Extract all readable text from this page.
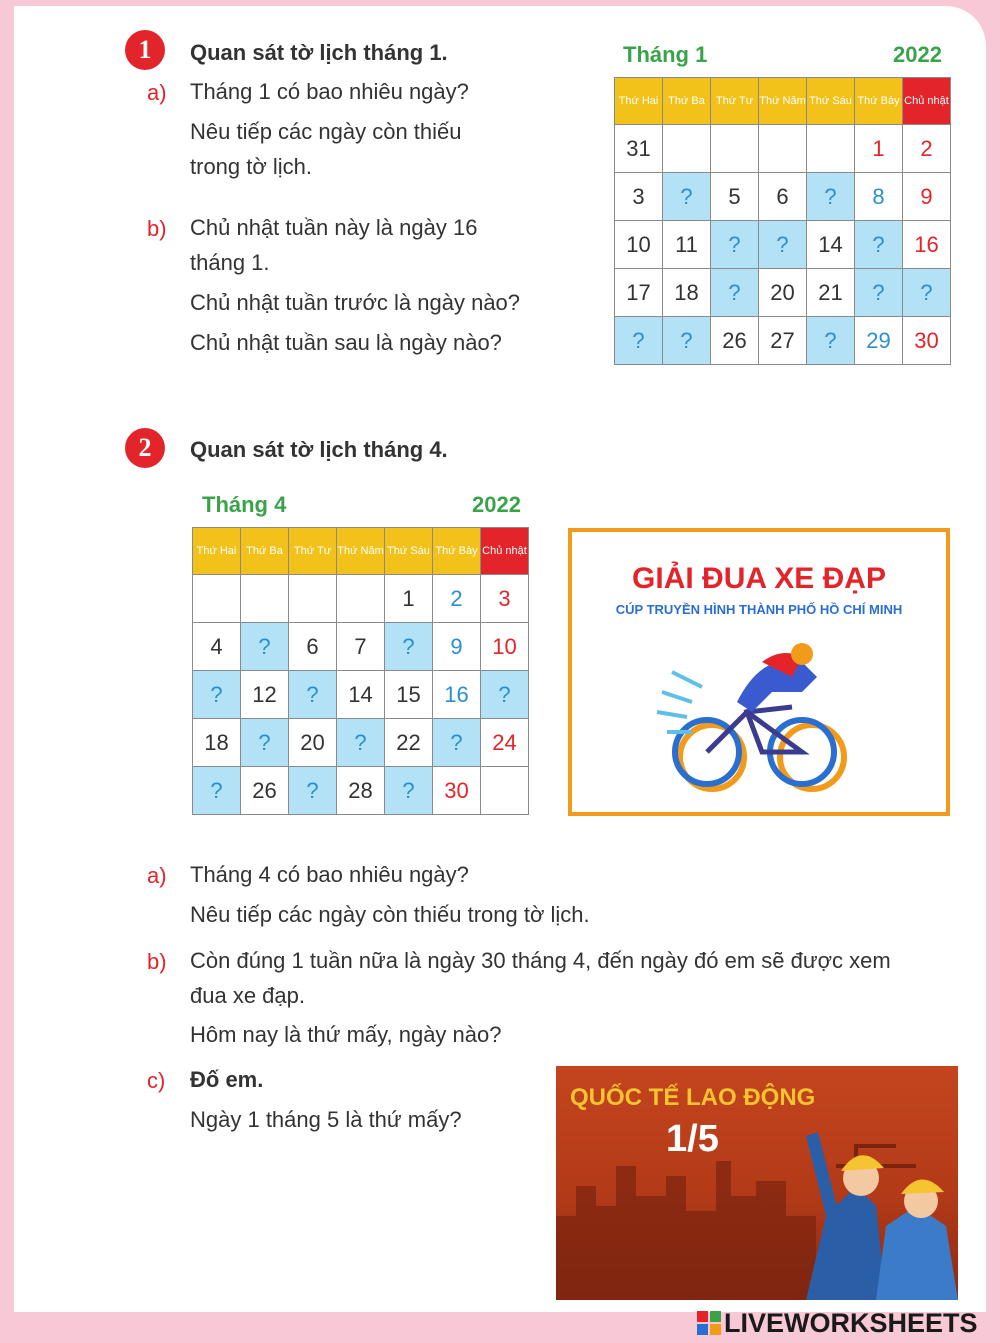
1	Quan sát tờ lịch tháng 1.
a) Tháng 1 có bao nhiêu ngày?
Nêu tiếp các ngày còn thiếu
trong tờ lịch.
b) Chủ nhật tuần này là ngày 16
tháng 1.
Chủ nhật tuần trước là ngày nào?
Chủ nhật tuần sau là ngày nào?
Tháng 1	2022
Thứ Hai	Thứ Ba	Thứ Tư	Thứ Năm	Thứ Sáu	Thứ Bảy	Chủ nhật
31					1	2
3	?	5	6	?	8	9
10	11	?	?	14	?	16
17	18	?	20	21	?	?
?	?	26	27	?	29	30
2	Quan sát tờ lịch tháng 4.
Tháng 4	2022
Thứ Hai	Thứ Ba	Thứ Tư	Thứ Năm	Thứ Sáu	Thứ Bảy	Chủ nhật
				1	2	3
4	?	6	7	?	9	10
?	12	?	14	15	16	?
18	?	20	?	22	?	24
?	26	?	28	?	30	
GIẢI ĐUA XE ĐẠP
CÚP TRUYỀN HÌNH THÀNH PHỐ HỒ CHÍ MINH
a) Tháng 4 có bao nhiêu ngày?
Nêu tiếp các ngày còn thiếu trong tờ lịch.
b) Còn đúng 1 tuần nữa là ngày 30 tháng 4, đến ngày đó em sẽ được xem
đua xe đạp.
Hôm nay là thứ mấy, ngày nào?
c) Đố em.
Ngày 1 tháng 5 là thứ mấy?
QUỐC TẾ LAO ĐỘNG
1/5
LIVEWORKSHEETS
